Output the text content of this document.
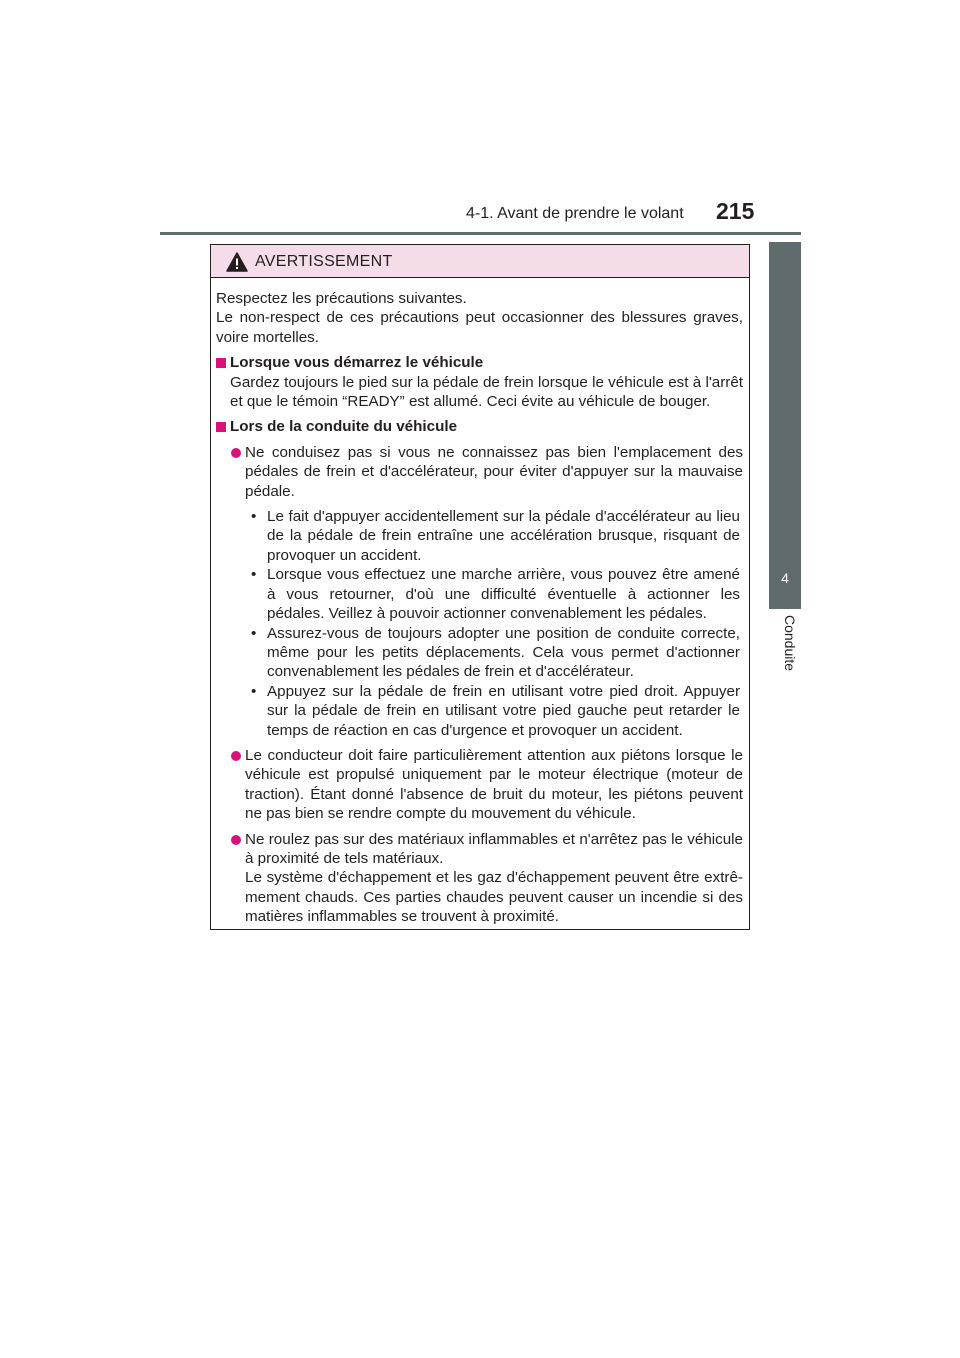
4-1. Avant de prendre le volant 215
4
Conduite
AVERTISSEMENT

Respectez les précautions suivantes.

Le non-respect de ces précautions peut occasionner des blessures graves, voire mortelles.

Lorsque vous démarrez le véhicule

Gardez toujours le pied sur la pédale de frein lorsque le véhicule est à l'arrêt et que le témoin “READY” est allumé. Ceci évite au véhicule de bouger.

Lors de la conduite du véhicule

Ne conduisez pas si vous ne connaissez pas bien l'emplacement des pédales de frein et d'accélérateur, pour éviter d'appuyer sur la mauvaise pédale.

• Le fait d'appuyer accidentellement sur la pédale d'accélérateur au lieu de la pédale de frein entraîne une accélération brusque, risquant de provoquer un accident.
• Lorsque vous effectuez une marche arrière, vous pouvez être amené à vous retourner, d'où une difficulté éventuelle à actionner les pédales. Veillez à pouvoir actionner convenablement les pédales.
• Assurez-vous de toujours adopter une position de conduite correcte, même pour les petits déplacements. Cela vous permet d'actionner convenablement les pédales de frein et d'accélérateur.
• Appuyez sur la pédale de frein en utilisant votre pied droit. Appuyer sur la pédale de frein en utilisant votre pied gauche peut retarder le temps de réaction en cas d'urgence et provoquer un accident.

Le conducteur doit faire particulièrement attention aux piétons lorsque le véhicule est propulsé uniquement par le moteur électrique (moteur de traction). Étant donné l'absence de bruit du moteur, les piétons peuvent ne pas bien se rendre compte du mouvement du véhicule.

Ne roulez pas sur des matériaux inflammables et n'arrêtez pas le véhicule à proximité de tels matériaux.

Le système d'échappement et les gaz d'échappement peuvent être extrê-mement chauds. Ces parties chaudes peuvent causer un incendie si des matières inflammables se trouvent à proximité.
